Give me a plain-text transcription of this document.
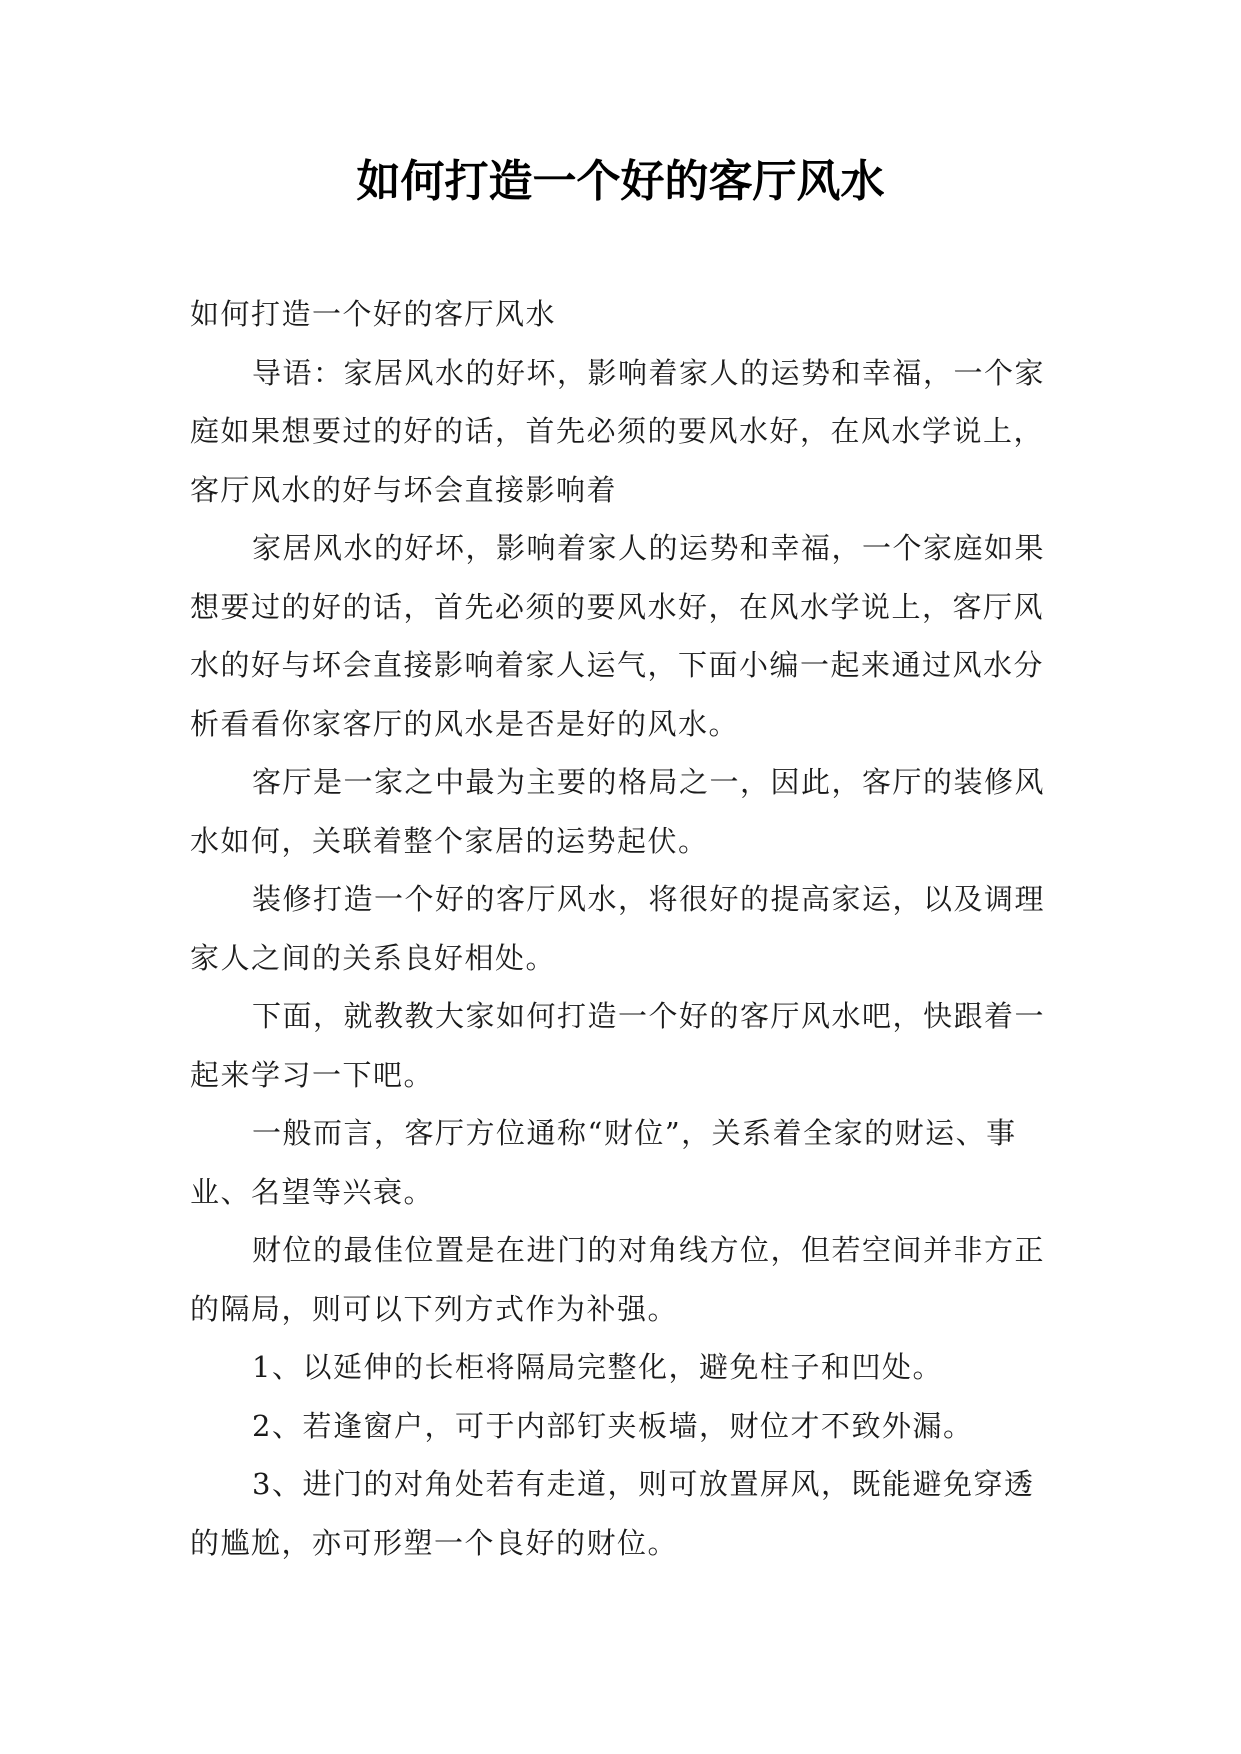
如何打造一个好的客厅风水

如何打造一个好的客厅风水

导语：家居风水的好坏，影响着家人的运势和幸福，一个家庭如果想要过的好的话，首先必须的要风水好，在风水学说上，客厅风水的好与坏会直接影响着

家居风水的好坏，影响着家人的运势和幸福，一个家庭如果想要过的好的话，首先必须的要风水好，在风水学说上，客厅风水的好与坏会直接影响着家人运气，下面小编一起来通过风水分析看看你家客厅的风水是否是好的风水。

客厅是一家之中最为主要的格局之一，因此，客厅的装修风水如何，关联着整个家居的运势起伏。

装修打造一个好的客厅风水，将很好的提高家运，以及调理家人之间的关系良好相处。

下面，就教教大家如何打造一个好的客厅风水吧，快跟着一起来学习一下吧。

一般而言，客厅方位通称“财位”，关系着全家的财运、事业、名望等兴衰。

财位的最佳位置是在进门的对角线方位，但若空间并非方正的隔局，则可以下列方式作为补强。

1、以延伸的长柜将隔局完整化，避免柱子和凹处。

2、若逢窗户，可于内部钉夹板墙，财位才不致外漏。

3、进门的对角处若有走道，则可放置屏风，既能避免穿透的尴尬，亦可形塑一个良好的财位。
